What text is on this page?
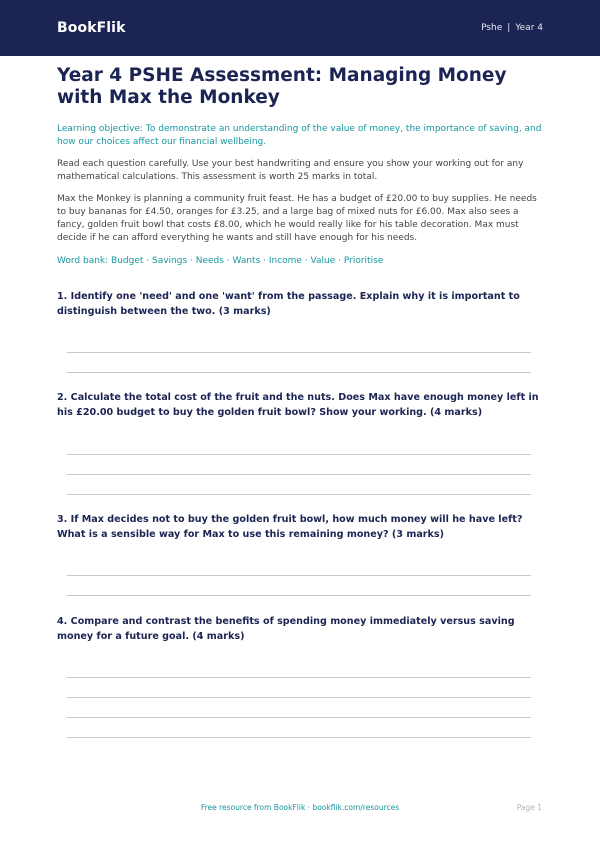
BookFlik	Pshe | Year 4
Year 4 PSHE Assessment: Managing Money with Max the Monkey

Learning objective: To demonstrate an understanding of the value of money, the importance of saving, and how our choices affect our financial wellbeing.

Read each question carefully. Use your best handwriting and ensure you show your working out for any mathematical calculations. This assessment is worth 25 marks in total.

Max the Monkey is planning a community fruit feast. He has a budget of £20.00 to buy supplies. He needs to buy bananas for £4.50, oranges for £3.25, and a large bag of mixed nuts for £6.00. Max also sees a fancy, golden fruit bowl that costs £8.00, which he would really like for his table decoration. Max must decide if he can afford everything he wants and still have enough for his needs.

Word bank: Budget · Savings · Needs · Wants · Income · Value · Prioritise

1. Identify one 'need' and one 'want' from the passage. Explain why it is important to distinguish between the two. (3 marks)
2. Calculate the total cost of the fruit and the nuts. Does Max have enough money left in his £20.00 budget to buy the golden fruit bowl? Show your working. (4 marks)
3. If Max decides not to buy the golden fruit bowl, how much money will he have left? What is a sensible way for Max to use this remaining money? (3 marks)
4. Compare and contrast the benefits of spending money immediately versus saving money for a future goal. (4 marks)
Free resource from BookFlik · bookflik.com/resources	Page 1
